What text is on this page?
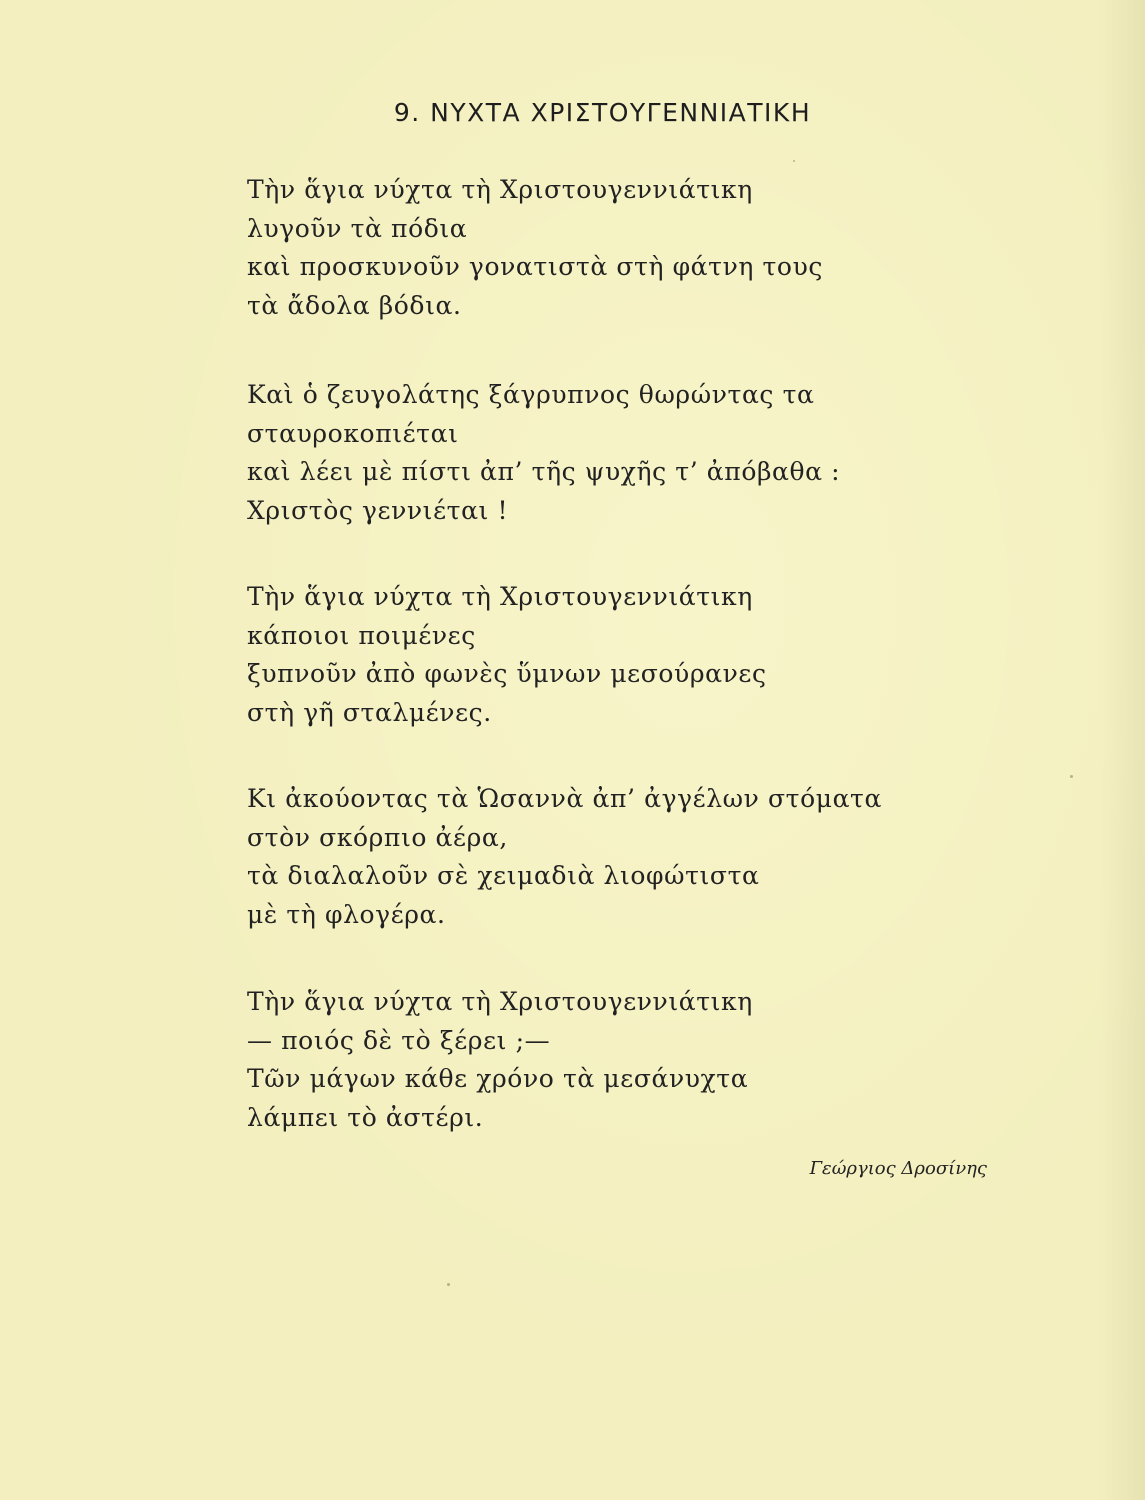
9. ΝΥΧΤΑ ΧΡΙΣΤΟΥΓΕΝΝΙΑΤΙΚΗ
Τὴν ἅγια νύχτα τὴ Χριστουγεννιάτικη
λυγοῦν τὰ πόδια
καὶ προσκυνοῦν γονατιστὰ στὴ φάτνη τους
τὰ ἄδολα βόδια.
Καὶ ὁ ζευγολάτης ξάγρυπνος θωρώντας τα
σταυροκοπιέται
καὶ λέει μὲ πίστι ἀπ’ τῆς ψυχῆς τ’ ἀπόβαθα :
Χριστὸς γεννιέται !
Τὴν ἅγια νύχτα τὴ Χριστουγεννιάτικη
κάποιοι ποιμένες
ξυπνοῦν ἀπὸ φωνὲς ὕμνων μεσούρανες
στὴ γῆ σταλμένες.
Κι ἀκούοντας τὰ Ὡσαννὰ ἀπ’ ἀγγέλων στόματα
στὸν σκόρπιο ἀέρα,
τὰ διαλαλοῦν σὲ χειμαδιὰ λιοφώτιστα
μὲ τὴ φλογέρα.
Τὴν ἅγια νύχτα τὴ Χριστουγεννιάτικη
— ποιός δὲ τὸ ξέρει ;—
Τῶν μάγων κάθε χρόνο τὰ μεσάνυχτα
λάμπει τὸ ἀστέρι.
Γεώργιος Δροσίνης
